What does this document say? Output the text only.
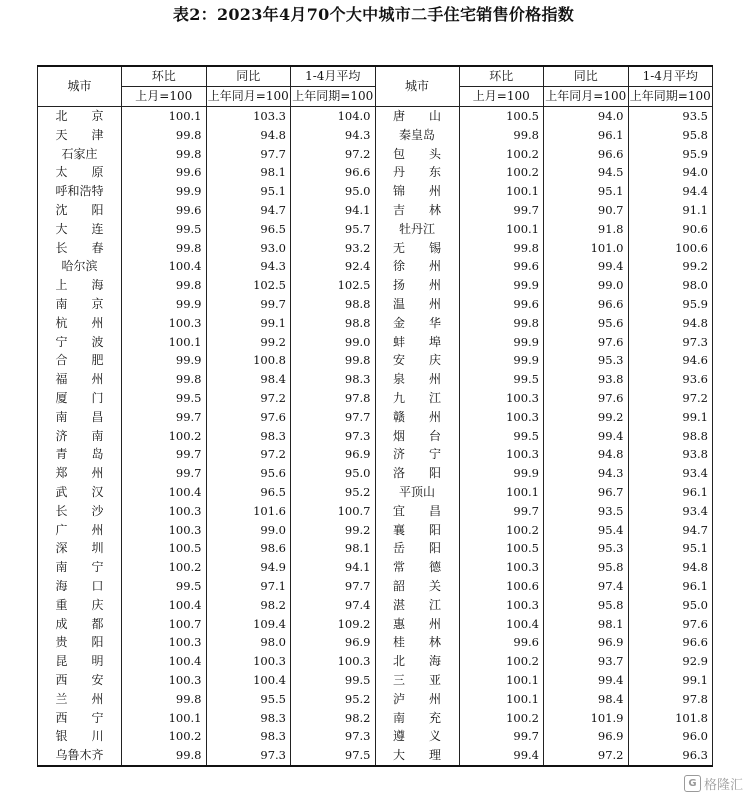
表2：2023年4月70个大中城市二手住宅销售价格指数
城市	环比	同比	1-4月平均	城市	环比	同比	1-4月平均
	上月=100	上年同月=100	上年同期=100		上月=100	上年同月=100	上年同期=100
北　　京	100.1	103.3	104.0	唐　　山	100.5	94.0	93.5
天　　津	99.8	94.8	94.3	秦皇岛	99.8	96.1	95.8
石家庄	99.8	97.7	97.2	包　　头	100.2	96.6	95.9
太　　原	99.6	98.1	96.6	丹　　东	100.2	94.5	94.0
呼和浩特	99.9	95.1	95.0	锦　　州	100.1	95.1	94.4
沈　　阳	99.6	94.7	94.1	吉　　林	99.7	90.7	91.1
大　　连	99.5	96.5	95.7	牡丹江	100.1	91.8	90.6
长　　春	99.8	93.0	93.2	无　　锡	99.8	101.0	100.6
哈尔滨	100.4	94.3	92.4	徐　　州	99.6	99.4	99.2
上　　海	99.8	102.5	102.5	扬　　州	99.9	99.0	98.0
南　　京	99.9	99.7	98.8	温　　州	99.6	96.6	95.9
杭　　州	100.3	99.1	98.8	金　　华	99.8	95.6	94.8
宁　　波	100.1	99.2	99.0	蚌　　埠	99.9	97.6	97.3
合　　肥	99.9	100.8	99.8	安　　庆	99.9	95.3	94.6
福　　州	99.8	98.4	98.3	泉　　州	99.5	93.8	93.6
厦　　门	99.5	97.2	97.8	九　　江	100.3	97.6	97.2
南　　昌	99.7	97.6	97.7	赣　　州	100.3	99.2	99.1
济　　南	100.2	98.3	97.3	烟　　台	99.5	99.4	98.8
青　　岛	99.7	97.2	96.9	济　　宁	100.3	94.8	93.8
郑　　州	99.7	95.6	95.0	洛　　阳	99.9	94.3	93.4
武　　汉	100.4	96.5	95.2	平顶山	100.1	96.7	96.1
长　　沙	100.3	101.6	100.7	宜　　昌	99.7	93.5	93.4
广　　州	100.3	99.0	99.2	襄　　阳	100.2	95.4	94.7
深　　圳	100.5	98.6	98.1	岳　　阳	100.5	95.3	95.1
南　　宁	100.2	94.9	94.1	常　　德	100.3	95.8	94.8
海　　口	99.5	97.1	97.7	韶　　关	100.6	97.4	96.1
重　　庆	100.4	98.2	97.4	湛　　江	100.3	95.8	95.0
成　　都	100.7	109.4	109.2	惠　　州	100.4	98.1	97.6
贵　　阳	100.3	98.0	96.9	桂　　林	99.6	96.9	96.6
昆　　明	100.4	100.3	100.3	北　　海	100.2	93.7	92.9
西　　安	100.3	100.4	99.5	三　　亚	100.1	99.4	99.1
兰　　州	99.8	95.5	95.2	泸　　州	100.1	98.4	97.8
西　　宁	100.1	98.3	98.2	南　　充	100.2	101.9	101.8
银　　川	100.2	98.3	97.3	遵　　义	99.7	96.9	96.0
乌鲁木齐	99.8	97.3	97.5	大　　理	99.4	97.2	96.3
G 格隆汇
